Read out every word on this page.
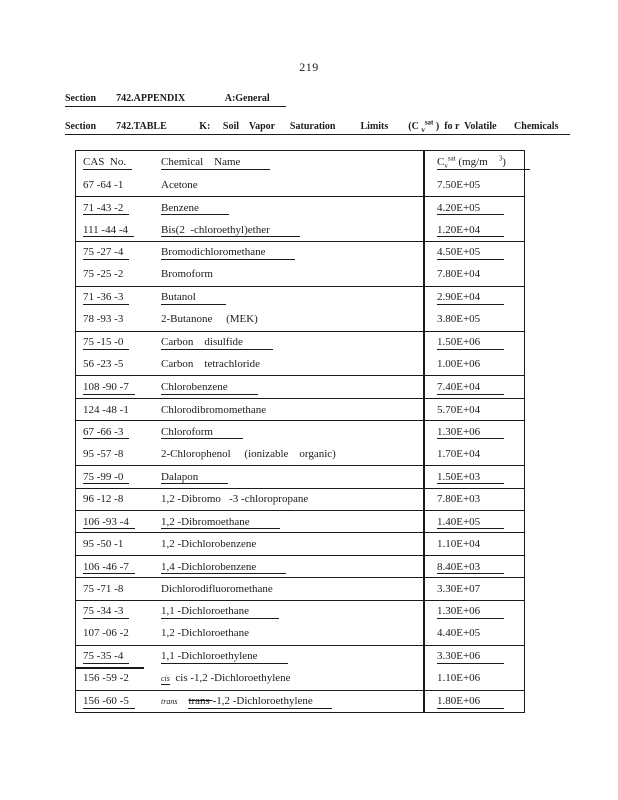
219
Section        742.APPENDIX                A:General
Section        742.TABLE             K:     Soil    Vapor      Saturation          Limits        (C $_v^{sat}$ )  fo r  Volatile       Chemicals
CAS  No.	Chemical    Name	$C_v^{sat}$ (mg/m    $^3$)
67 -64 -1	Acetone	7.50E+05
71 -43 -2	Benzene	4.20E+05
111 -44 -4	Bis(2  -chloroethyl)ether	1.20E+04
75 -27 -4	Bromodichloromethane	4.50E+05
75 -25 -2	Bromoform	7.80E+04
71 -36 -3	Butanol	2.90E+04
78 -93 -3	2-Butanone     (MEK)	3.80E+05
75 -15 -0	Carbon    disulfide	1.50E+06
56 -23 -5	Carbon    tetrachloride	1.00E+06
108 -90 -7	Chlorobenzene	7.40E+04
124 -48 -1	Chlorodibromomethane	5.70E+04
67 -66 -3	Chloroform	1.30E+06
95 -57 -8	2-Chlorophenol     (ionizable    organic)	1.70E+04
75 -99 -0	Dalapon	1.50E+03
96 -12 -8	1,2 -Dibromo   -3 -chloropropane	7.80E+03
106 -93 -4	1,2 -Dibromoethane	1.40E+05
95 -50 -1	1,2 -Dichlorobenzene	1.10E+04
106 -46 -7	1,4 -Dichlorobenzene	8.40E+03
75 -71 -8	Dichlorodifluoromethane	3.30E+07
75 -34 -3	1,1 -Dichloroethane	1.30E+06
107 -06 -2	1,2 -Dichloroethane	4.40E+05
75 -35 -4	1,1 -Dichloroethylene	3.30E+06
156 -59 -2	cis cis -1,2 -Dichloroethylene	1.10E+06
156 -60 -5	trans trans -1,2 -Dichloroethylene	1.80E+06
